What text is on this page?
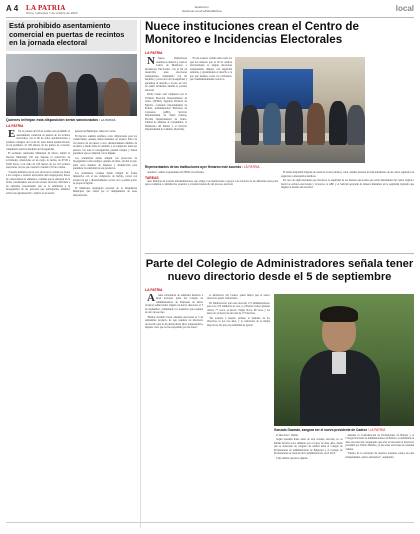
A 4 LA PATRIA
Oruro, miércoles 7 de octubre de 2020
lapatria.bo
facebook.com/LaPatriaBolivia	local
Está prohibido asentamiento comercial en puertas de recintos en la jornada electoral
Quienes infrinjan esta disposición serán sancionados / LA PATRIA
LA PATRIA

E En la jornada del 18 de octubre está prohibido el asentamiento comercial en puertas de los recintos electorales, con el fin de evitar aglomeraciones y posibles contagios de Covid-19, estos deben pueden hacerlo en un perímetro de 100 metros de los puntos de votación, cumpliendo estrictas medidas de bioseguridad.

El Gobierno Autónomo Municipal de Oruro, emitió el Decreto Municipal 158 que dispone la restricción de actividades comerciales en un rango de fechas, de 07:00 a 18:00 horas, a un radio de 100 metros de los 118 recintos electorales con los que contará la ciudad el 18 de octubre.

"Cuando hablamos de un acto electoral es común ver frente a los colegios o recintos electorales cierta segregación, llenos de comerciantes de alimentos, comidas que se entregan en la fecha, consideramos que en este evento electoral, vinculado a un elemento trascendental que es la salubridad y la bioseguridad de las personas que participarán, debemos evitar esta aglomeración", explicó el secretario

general del Municipio, Marcelo Cortez.

El Decreto además establece otras obligaciones para los comerciantes, quienes deben mantener un espacio físico de dos metros de un puesto a otro, distanciamiento mínimo de un metro y medio entre el vendedor y el comprador, tener sus puestos con toda la bioseguridad, pueden trabajar y deben garantizar que se cumplan con la higiene.

Los vendedores deben cumplir con protocolos de bioseguridad como barbijos, guantes de látex, alcohol en gel, entre otros insumos de limpieza y desinfección para garantizar la salubridad de sus productos.

Los ciudadanos votantes deben cumplir de forma imperativa con el uso obligatorio de barbijo, portar con alcohol en gel y distanciamiento social, en lo posible portar su propio bolígrafo.

El Municipio desplegará personal de la Intendencia Municipal, que velará por el cumplimiento de estas disposiciones.

Nuece instituciones crean el Centro de Monitoreo e Incidencias Electorales
LA PATRIA

N Nueve instituciones orureñas se unieron y crean el Centro de Monitoreo e Incidencias Electorales, con el fin de desarrollar unas elecciones transparentes, cumpliendo con las medidas y protocolos de bioseguridad y garantizar el derecho a la paz, en caso de existir incidentes durante la jornada electoral.

Dicho Centro está compuesto por el Tribunal Electoral Departamental de Oruro (TEDO), Segunda División de Ejército, Comando Departamental de Policía, Administradora Boliviana de Carreteras (ABC), Servicio Departamental de Salud (Sedes), Fiscalía Departamental de Oruro, Unidad de Defensa al Consumidor, la Defensoría del Pueblo y el Servicio Departamental de Caminos (Sedcam).

"Es un acuerdo común entre todos los que nos interesa que el 18 de octubre efectivamente se tengan elecciones transparentes, limpias, con seguridad sanitaria, y garantizando el derecho a la paz que tenemos todos los bolivianos, pero fundamentalmente todos los

Representantes de las instituciones ayer firmaron este acuerdo / LA PATRIA

orureños", señaló el presidente del TEDO, Iver Pereira.

TAREAS

Ayer firmaron un acuerdo interinstitucional, que obliga a las instituciones a apoyar con servicios de las diferentes áreas para que se cumplan a cabalidad los acuerdos y el normal desarrollo del proceso electoral.

El Sedes dispondrá brigadas de salud en el área urbana y rural, además prestará un funcionamiento de un centro regulador de urgencias y emergencias médicas.

En caso de algún incidente que involucre la seguridad de las maletas electorales que serán distribuidas del centro logístico hacia los recintos electorales y viceversa, la ABC y el Sedcam apoyarán de manera inmediata en la seguridad logrando que lleguen al destino sin novedad.

Parte del Colegio de Administradores señala tener nuevo directorio desde el 5 de septiembre
LA PATRIA

A Ante advertencia de entidades matrices a nivel nacional, parte del Colegio de Administradores de Empresas de Oruro (Cadeor) señala haber elegido un nuevo directorio el 5 de septiembre, cumpliendo los requisitos que requiere un acto de ese tipo.

"Hemos decidido llevar adelante elecciones el 5 de septiembre producto de que tenemos un directorio reconocido que no ha desarrollado labor representativa, dejando claro que no fue respaldado por las bases".

el subdirector del Cadeor, quien indicó que el nuevo directorio quedó conformado.

En Subdirectorio para esta elección 173 administradores, pero solo 155 emitieron su voto, y el Frente Cadeor ganador obtuvo 77 votos, el tercero Vargas Nova, 66 votos y los nulos de 12 fueron de un total de 173 inscritos.

"De acuerdo a nuestro estatuto el mandato de los directivos es por tres años, y la contraloría de la simple mayoría se dio para la posibilidad de ejercer

Gonzalo Guzmán, asegura ser el nuevo presidente de Cadeor / LA PATRIA

el directorio", añadió.

Según Guzmán hasta antes de esta reciente elección, no se habían llevado actos similares por el lapso de siete años, desde que se desarrolló un congreso de unidad entre el Colegio de Profesionales en Administración de Empresas y el Colegio de Profesionales en Ciencias de la Administración, en el 2013.

Cabe señalar que hace algunas

semanas la Confederación de Profesionales de Bolivia y el Colegio Nacional de Administradores de Bolivia, se manifestaron ante esta elección, asegurando que sólo reconocerán al directorio presidido por Vinicio Mendes, ya que estas elecciones no tendrían validez.

"Dentro de la estructura de nuestros estatutos somos un ente independiente, somos autónomos", argumentó.
